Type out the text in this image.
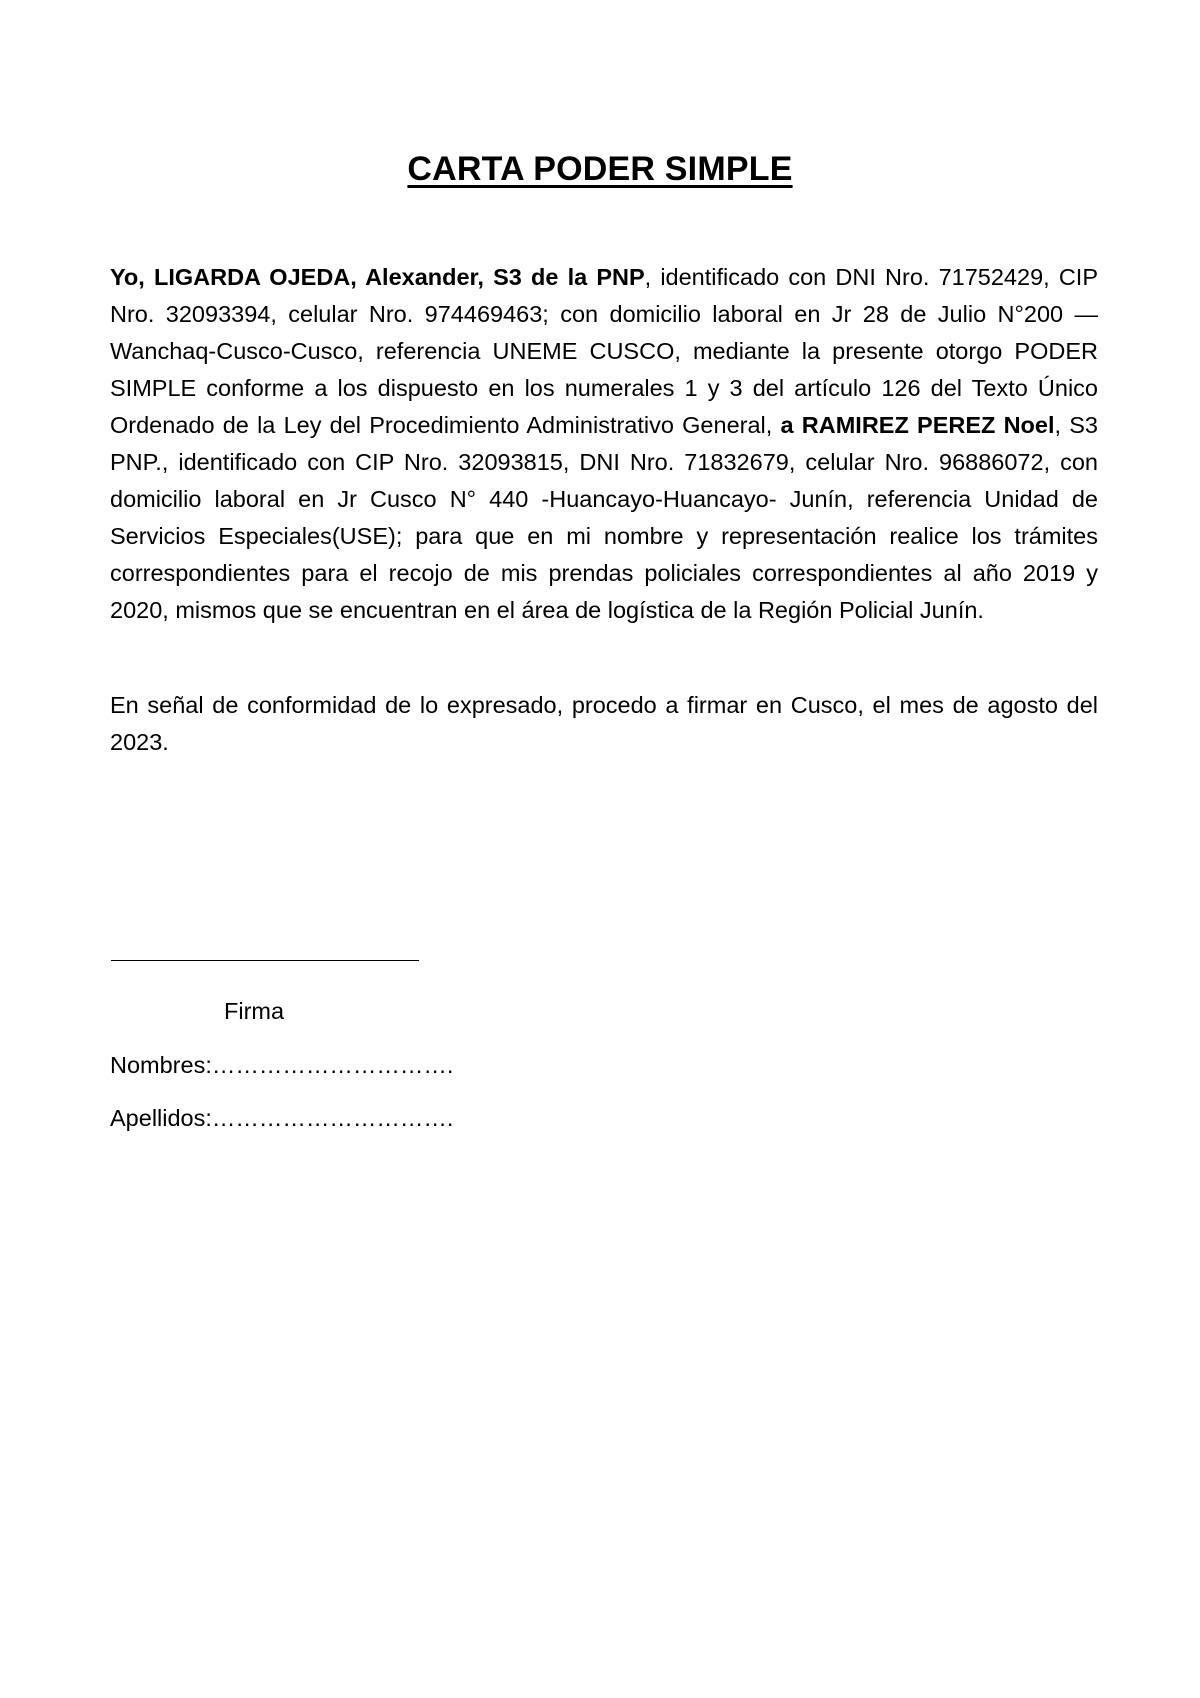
CARTA PODER SIMPLE

Yo, LIGARDA OJEDA, Alexander, S3 de la PNP, identificado con DNI Nro. 71752429, CIP Nro. 32093394, celular Nro. 974469463; con domicilio laboral en Jr 28 de Julio N°200 — Wanchaq-Cusco-Cusco, referencia UNEME CUSCO, mediante la presente otorgo PODER SIMPLE conforme a los dispuesto en los numerales 1 y 3 del artículo 126 del Texto Único Ordenado de la Ley del Procedimiento Administrativo General, a RAMIREZ PEREZ Noel, S3 PNP., identificado con CIP Nro. 32093815, DNI Nro. 71832679, celular Nro. 96886072, con domicilio laboral en Jr Cusco N° 440 -Huancayo-Huancayo- Junín, referencia Unidad de Servicios Especiales(USE); para que en mi nombre y representación realice los trámites correspondientes para el recojo de mis prendas policiales correspondientes al año 2019 y 2020, mismos que se encuentran en el área de logística de la Región Policial Junín.

En señal de conformidad de lo expresado, procedo a firmar en Cusco, el mes de agosto del 2023.

Firma
Nombres:………………………….
Apellidos:………………………….
